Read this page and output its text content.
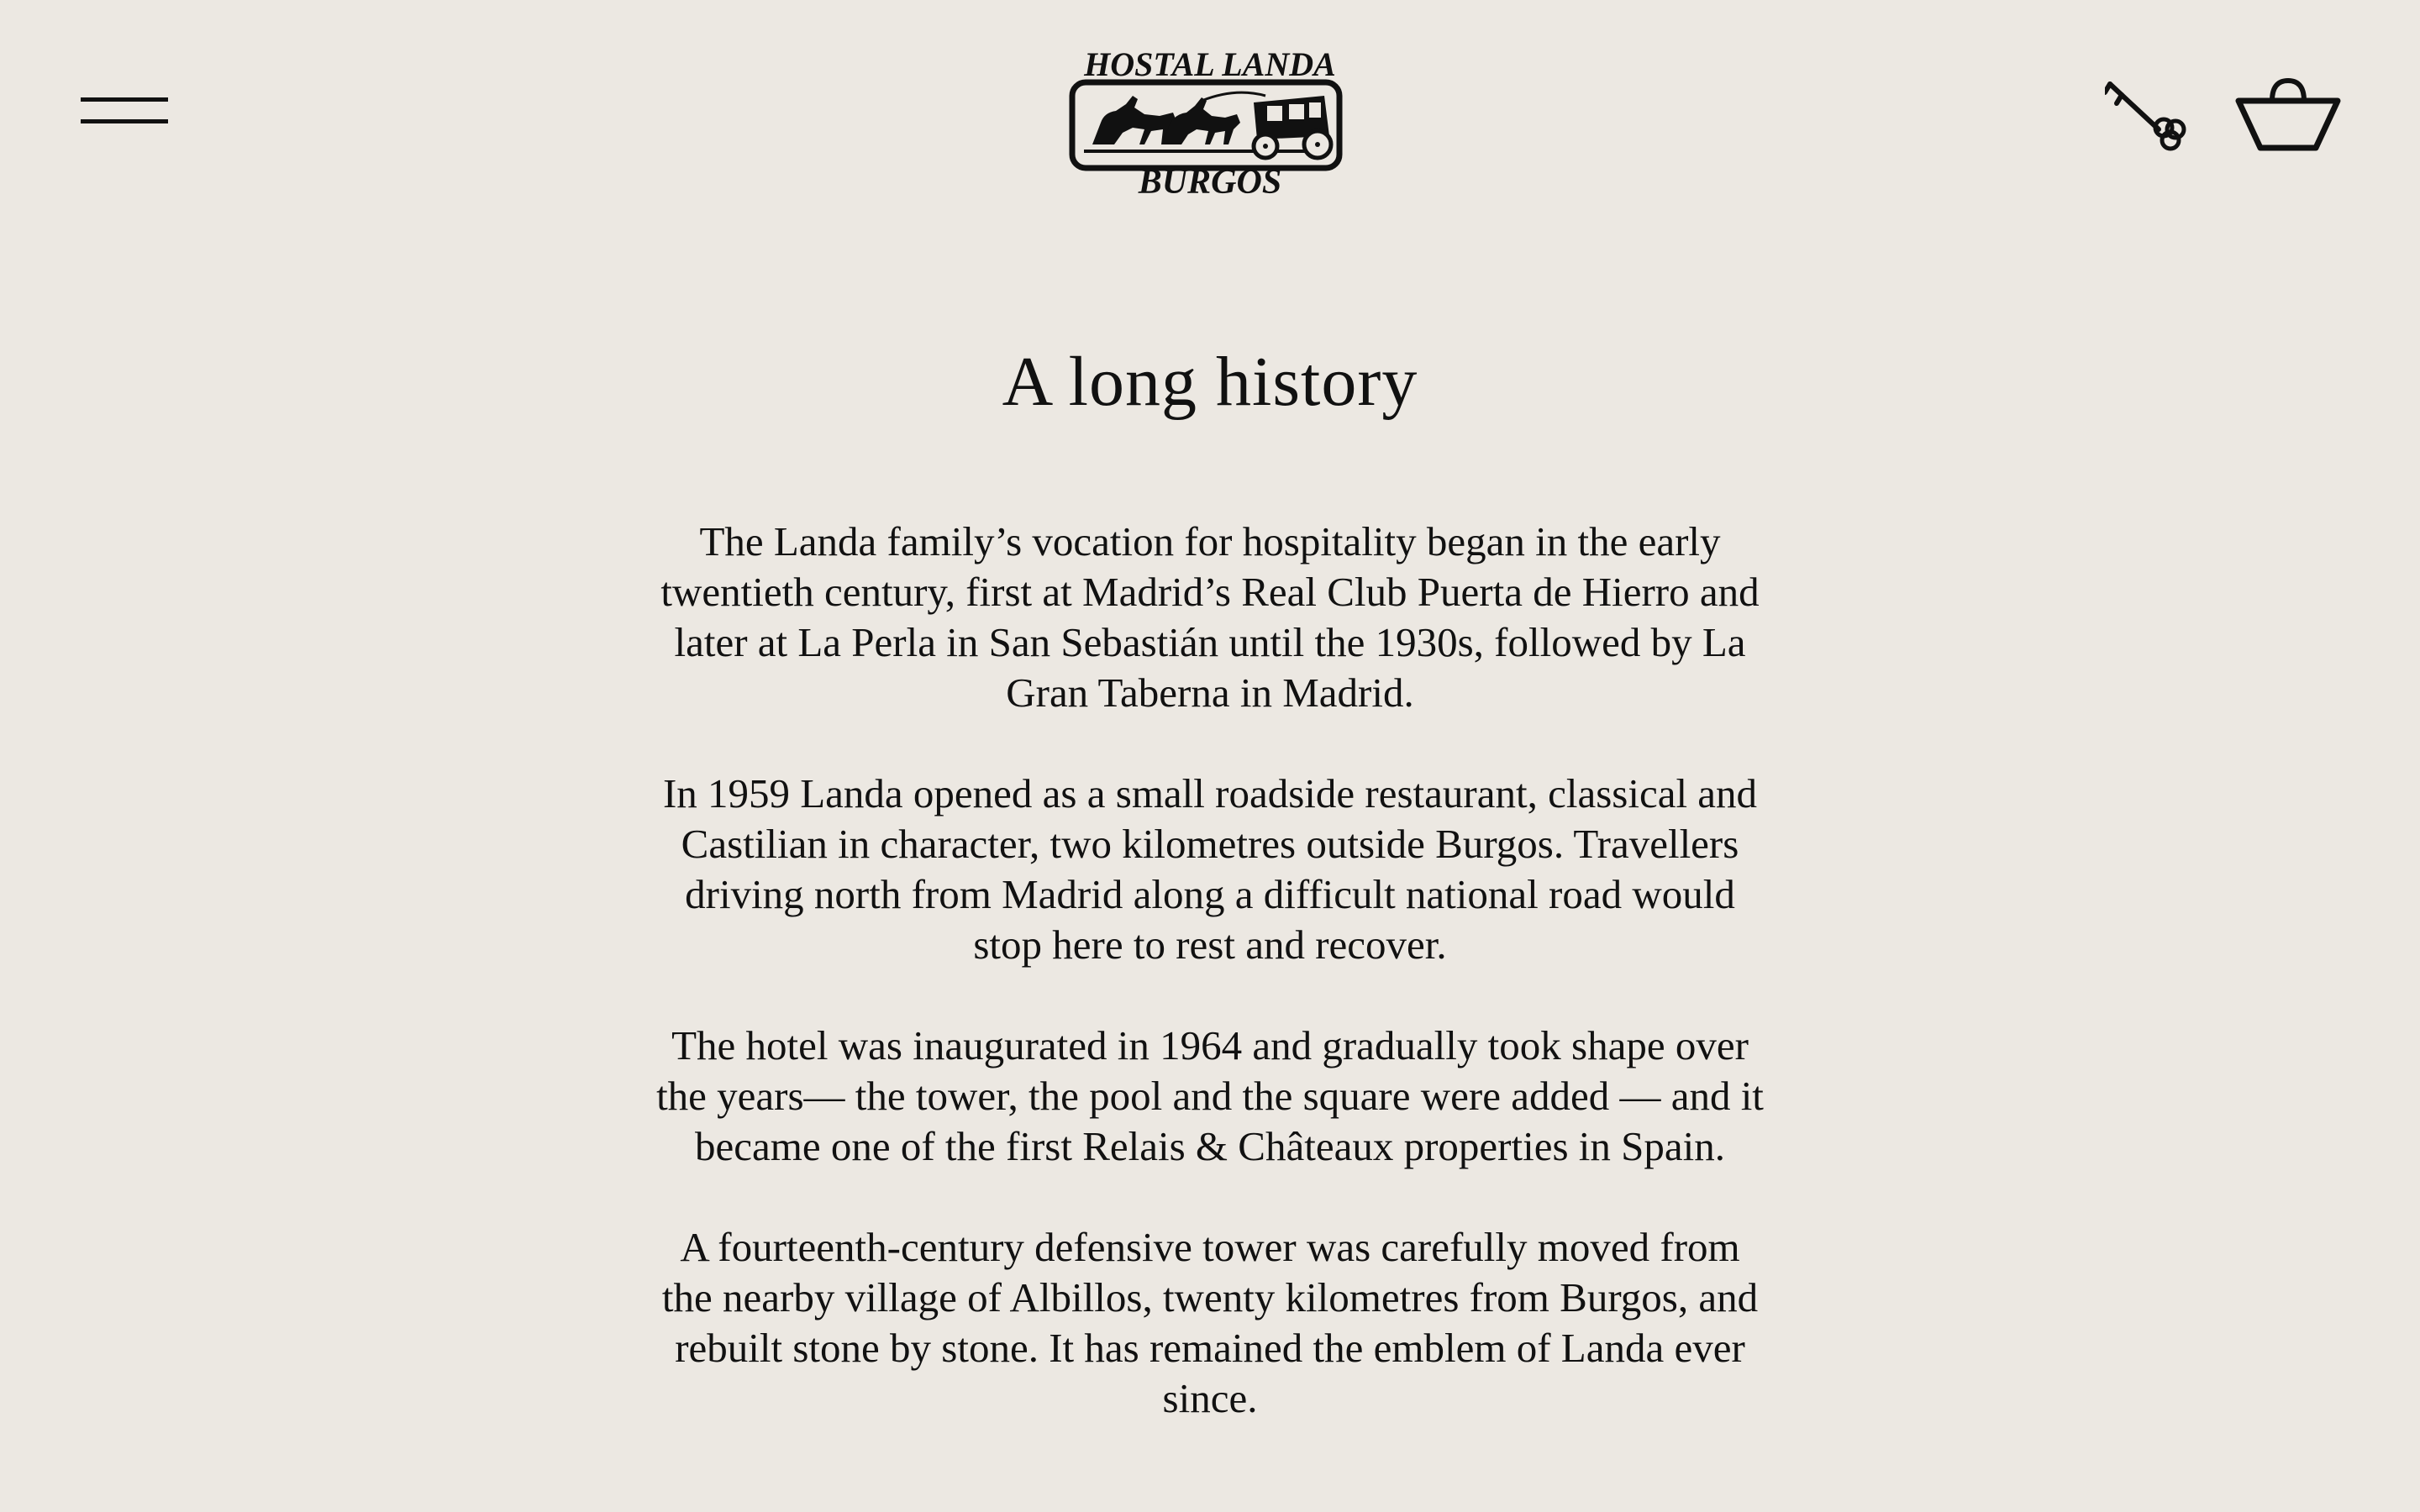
HOSTAL LANDA
BURGOS
A long history

The Landa family’s vocation for hospitality began in the early twentieth century, first at Madrid’s Real Club Puerta de Hierro and later at La Perla in San Sebastián until the 1930s, followed by La Gran Taberna in Madrid.

In 1959 Landa opened as a small roadside restaurant, classical and Castilian in character, two kilometres outside Burgos. Travellers driving north from Madrid along a difficult national road would stop here to rest and recover.

The hotel was inaugurated in 1964 and gradually took shape over the years— the tower, the pool and the square were added — and it became one of the first Relais & Châteaux properties in Spain.

A fourteenth-century defensive tower was carefully moved from the nearby village of Albillos, twenty kilometres from Burgos, and rebuilt stone by stone. It has remained the emblem of Landa ever since.
